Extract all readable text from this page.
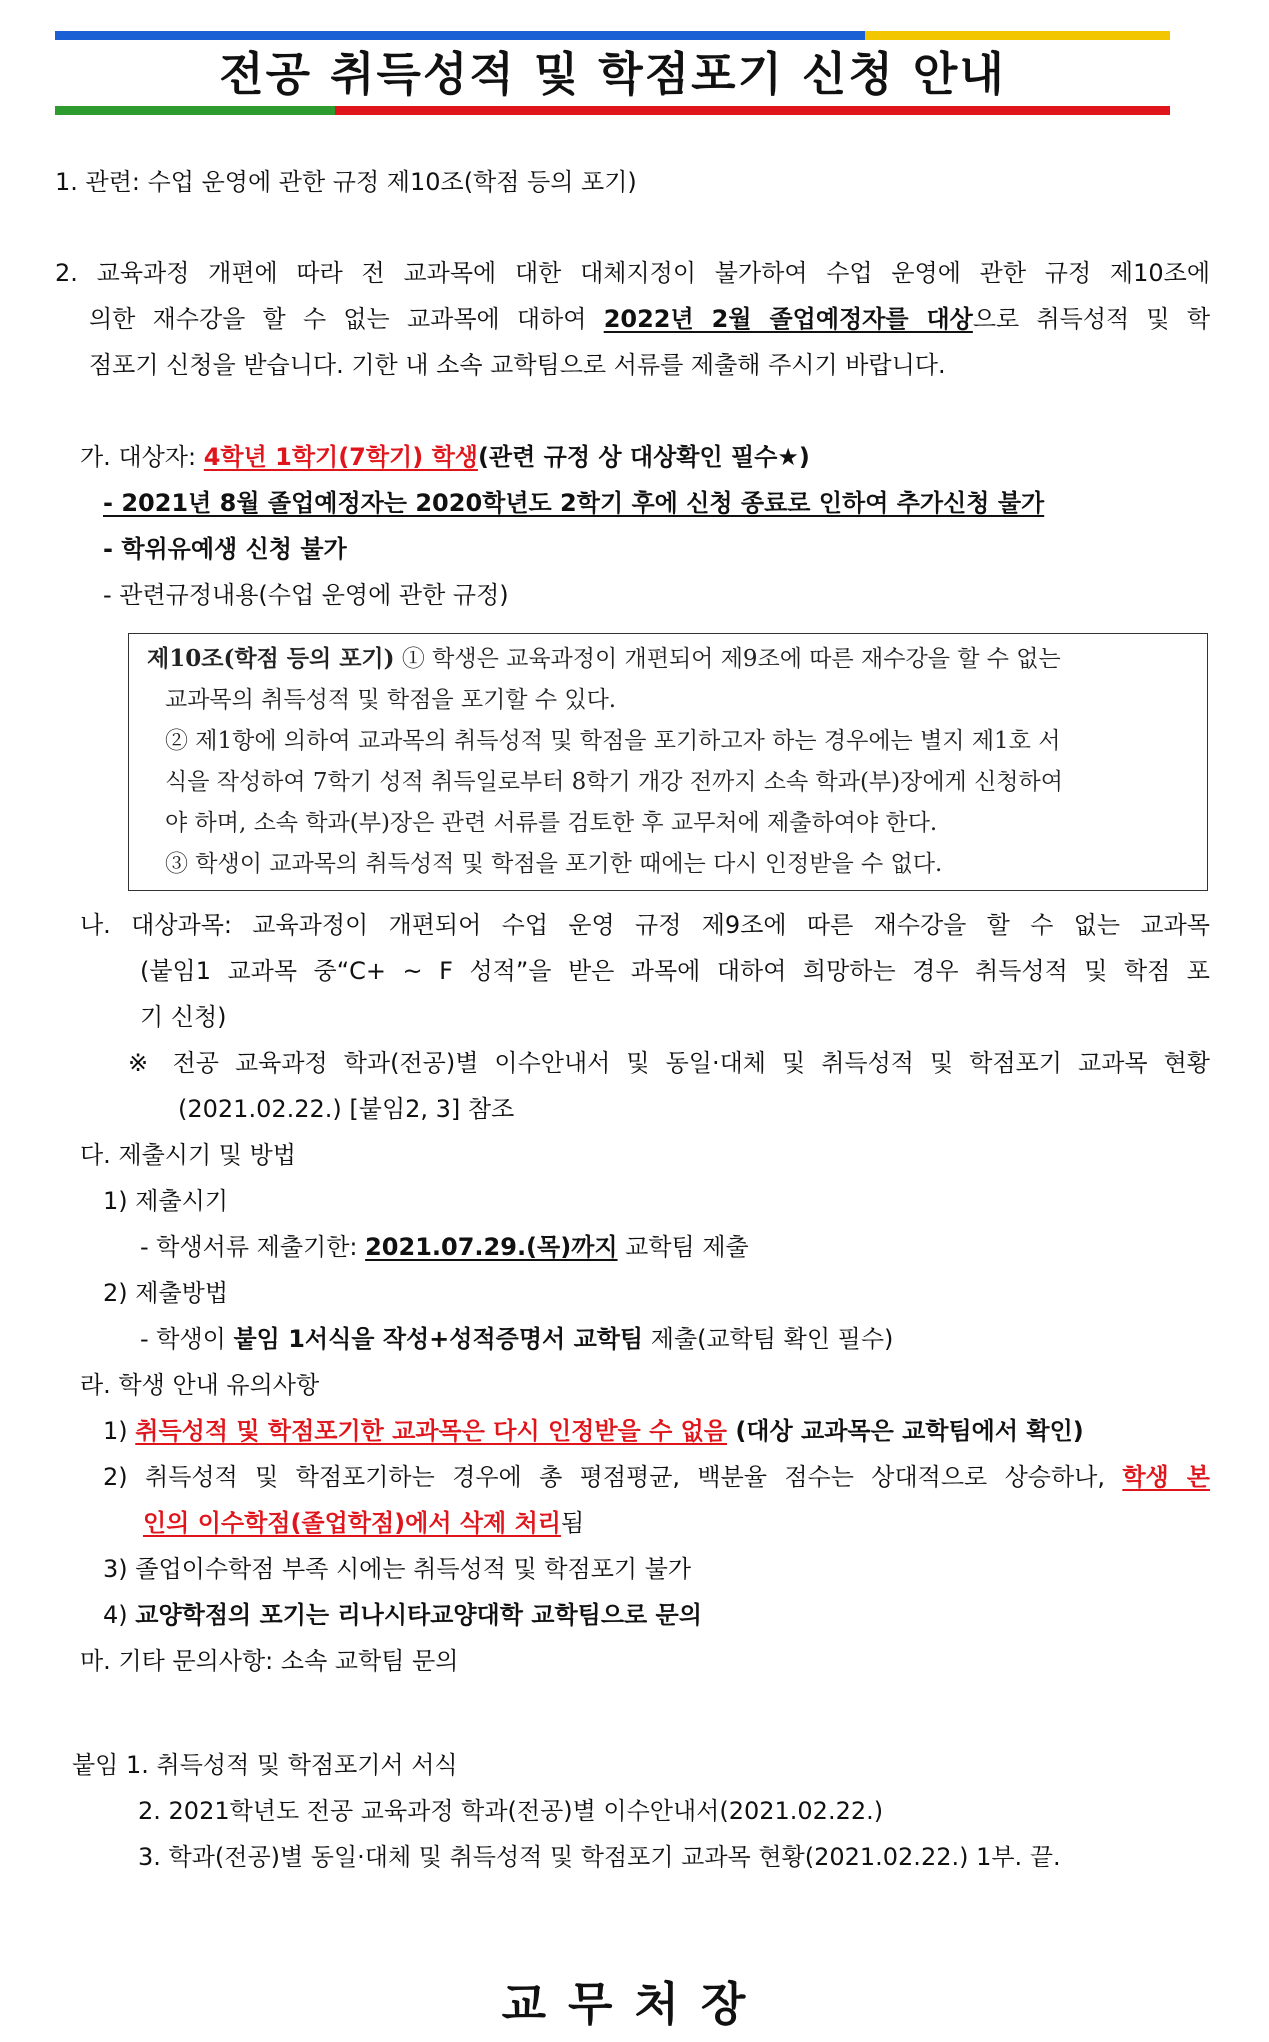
전공 취득성적 및 학점포기 신청 안내
1. 관련: 수업 운영에 관한 규정 제10조(학점 등의 포기)
2. 교육과정 개편에 따라 전 교과목에 대한 대체지정이 불가하여 수업 운영에 관한 규정 제10조에
의한 재수강을 할 수 없는 교과목에 대하여 2022년 2월 졸업예정자를 대상으로 취득성적 및 학
점포기 신청을 받습니다. 기한 내 소속 교학팀으로 서류를 제출해 주시기 바랍니다.
가. 대상자: 4학년 1학기(7학기) 학생(관련 규정 상 대상확인 필수★)
- 2021년 8월 졸업예정자는 2020학년도 2학기 후에 신청 종료로 인하여 추가신청 불가
- 학위유예생 신청 불가
- 관련규정내용(수업 운영에 관한 규정)
제10조(학점 등의 포기) ① 학생은 교육과정이 개편되어 제9조에 따른 재수강을 할 수 없는
교과목의 취득성적 및 학점을 포기할 수 있다.
② 제1항에 의하여 교과목의 취득성적 및 학점을 포기하고자 하는 경우에는 별지 제1호 서
식을 작성하여 7학기 성적 취득일로부터 8학기 개강 전까지 소속 학과(부)장에게 신청하여
야 하며, 소속 학과(부)장은 관련 서류를 검토한 후 교무처에 제출하여야 한다.
③ 학생이 교과목의 취득성적 및 학점을 포기한 때에는 다시 인정받을 수 없다.
나. 대상과목: 교육과정이 개편되어 수업 운영 규정 제9조에 따른 재수강을 할 수 없는 교과목
(붙임1 교과목 중“C+ ~ F 성적”을 받은 과목에 대하여 희망하는 경우 취득성적 및 학점 포
기 신청)
※ 전공 교육과정 학과(전공)별 이수안내서 및 동일·대체 및 취득성적 및 학점포기 교과목 현황
(2021.02.22.) [붙임2, 3] 참조
다. 제출시기 및 방법
1) 제출시기
- 학생서류 제출기한: 2021.07.29.(목)까지 교학팀 제출
2) 제출방법
- 학생이 붙임 1서식을 작성+성적증명서 교학팀 제출(교학팀 확인 필수)
라. 학생 안내 유의사항
1) 취득성적 및 학점포기한 교과목은 다시 인정받을 수 없음 (대상 교과목은 교학팀에서 확인)
2) 취득성적 및 학점포기하는 경우에 총 평점평균, 백분율 점수는 상대적으로 상승하나, 학생 본
인의 이수학점(졸업학점)에서 삭제 처리됨
3) 졸업이수학점 부족 시에는 취득성적 및 학점포기 불가
4) 교양학점의 포기는 리나시타교양대학 교학팀으로 문의
마. 기타 문의사항: 소속 교학팀 문의
붙임 1. 취득성적 및 학점포기서 서식
2. 2021학년도 전공 교육과정 학과(전공)별 이수안내서(2021.02.22.)
3. 학과(전공)별 동일·대체 및 취득성적 및 학점포기 교과목 현황(2021.02.22.) 1부. 끝.
교무처장
